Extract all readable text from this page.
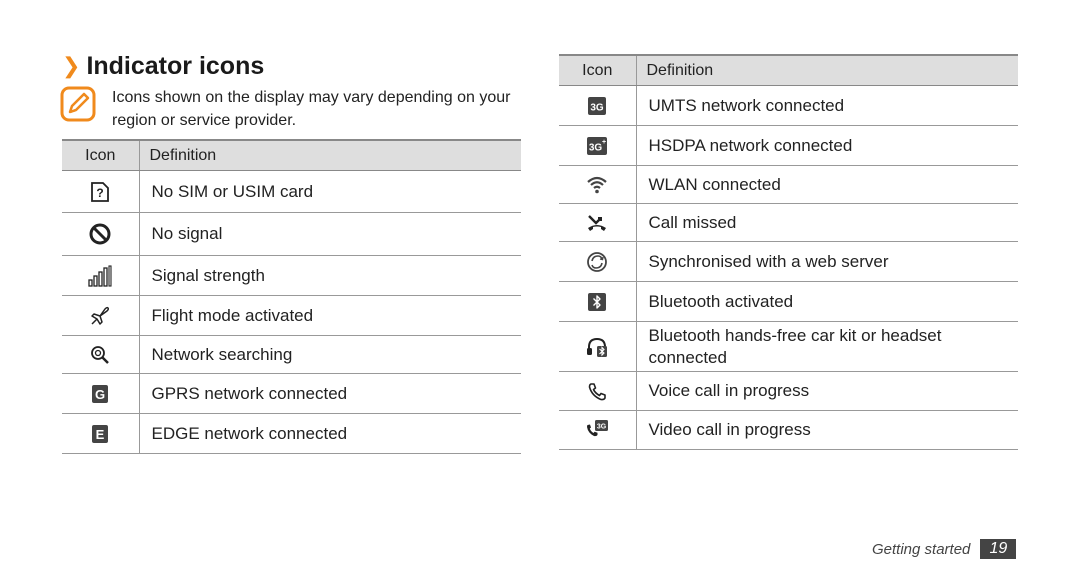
❯ Indicator icons
Icons shown on the display may vary depending on your region or service provider.
Icon	Definition

?	No SIM or USIM card
	No signal
	Signal strength
	Flight mode activated
	Network searching

G	GPRS network connected

E	EDGE network connected
Icon	Definition

3G	UMTS network connected

3G +	HSDPA network connected
	WLAN connected
	Call missed
	Synchronised with a web server
	Bluetooth activated
	Bluetooth hands-free car kit or headset connected
	Voice call in progress

3G	Video call in progress
Getting started	19
